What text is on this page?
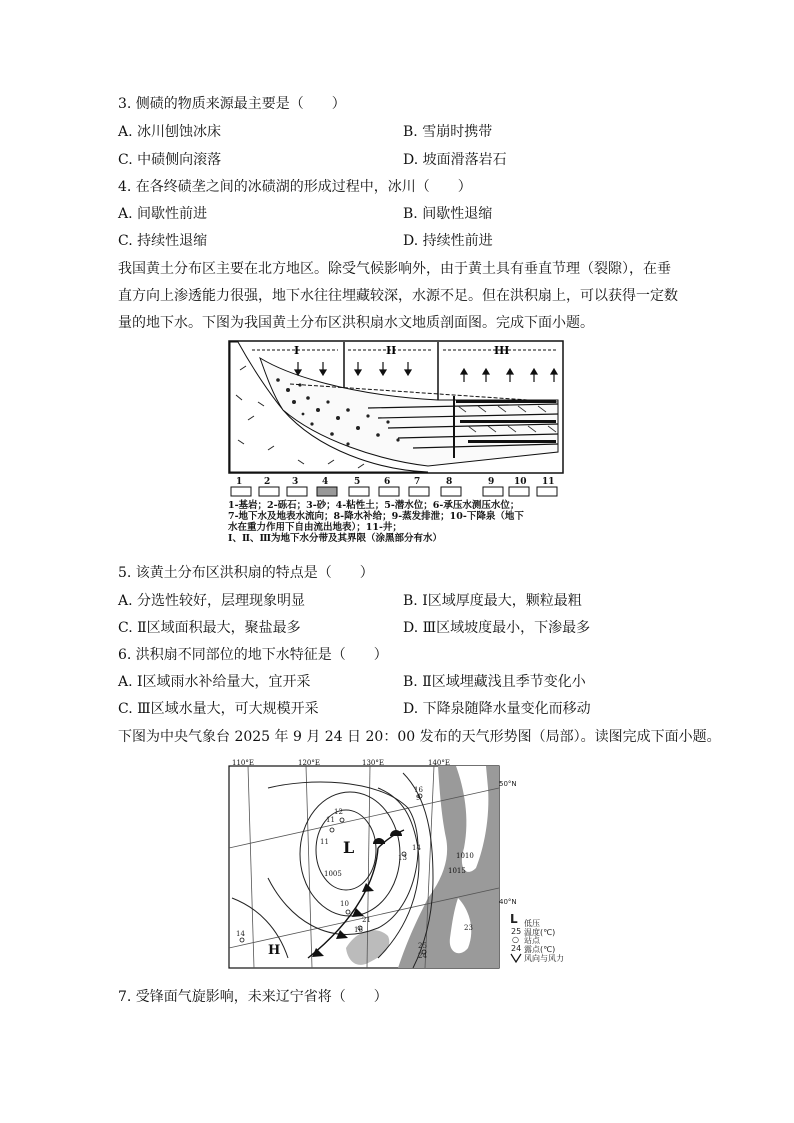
3. 侧碛的物质来源最主要是（　　）
A. 冰川刨蚀冰床	B. 雪崩时携带
C. 中碛侧向滚落	D. 坡面滑落岩石
4. 在各终碛垄之间的冰碛湖的形成过程中，冰川（　　）
A. 间歇性前进	B. 间歇性退缩
C. 持续性退缩	D. 持续性前进
我国黄土分布区主要在北方地区。除受气候影响外，由于黄土具有垂直节理（裂隙），在垂直方向上渗透能力很强，地下水往往埋藏较深，水源不足。但在洪积扇上，可以获得一定数量的地下水。下图为我国黄土分布区洪积扇水文地质剖面图。完成下面小题。
I	II	III
1 2 3	4	5	6	7	8	9 10 11
1-基岩；2-砾石；3-砂；4-粘性土；5-潜水位；6-承压水测压水位；
7-地下水及地表水流向；8-降水补给；9-蒸发排泄；10-下降泉（地下
水在重力作用下自由流出地表）；11-井；
Ⅰ、Ⅱ、Ⅲ为地下水分带及其界限（涂黑部分有水）
5. 该黄土分布区洪积扇的特点是（　　）
A. 分选性较好，层理现象明显	B. Ⅰ区域厚度最大，颗粒最粗
C. Ⅱ区域面积最大，聚盐最多	D. Ⅲ区域坡度最小，下渗最多
6. 洪积扇不同部位的地下水特征是（　　）
A. Ⅰ区域雨水补给量大，宜开采	B. Ⅱ区域埋藏浅且季节变化小
C. Ⅲ区域水量大，可大规模开采	D. 下降泉随降水量变化而移动
下图为中央气象台 2025 年 9 月 24 日 20：00 发布的天气形势图（局部）。读图完成下面小题。
L
H
110°E	120°E	130°E	140°E
1005
1010
1015
12
11
13
14
10
16
21
25
24
23
14
11
9
16
50°N
40°N
L 低压
25 温度(℃)
○ 站点
24 露点(℃)
风向与风力
7. 受锋面气旋影响，未来辽宁省将（　　）
